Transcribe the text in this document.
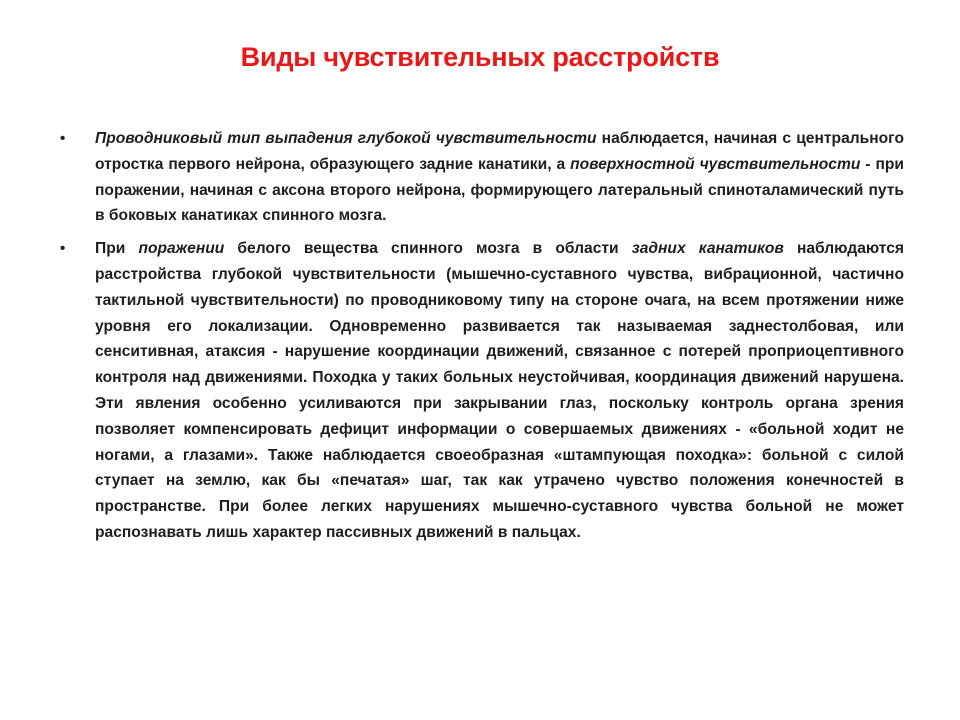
Виды чувствительных расстройств
• Проводниковый тип выпадения глубокой чувствительности наблюдается, начиная с центрального отростка первого нейрона, образующего задние канатики, а поверхностной чувствительности - при поражении, начиная с аксона второго нейрона, формирующего латеральный спиноталамический путь в боковых канатиках спинного мозга.
• При поражении белого вещества спинного мозга в области задних канатиков наблюдаются расстройства глубокой чувствительности (мышечно-суставного чувства, вибрационной, частично тактильной чувствительности) по проводниковому типу на стороне очага, на всем протяжении ниже уровня его локализации. Одновременно развивается так называемая заднестолбовая, или сенситивная, атаксия - нарушение координации движений, связанное с потерей проприоцептивного контроля над движениями. Походка у таких больных неустойчивая, координация движений нарушена. Эти явления особенно усиливаются при закрывании глаз, поскольку контроль органа зрения позволяет компенсировать дефицит информации о совершаемых движениях - «больной ходит не ногами, а глазами». Также наблюдается своеобразная «штампующая походка»: больной с силой ступает на землю, как бы «печатая» шаг, так как утрачено чувство положения конечностей в пространстве. При более легких нарушениях мышечно-суставного чувства больной не может распознавать лишь характер пассивных движений в пальцах.
